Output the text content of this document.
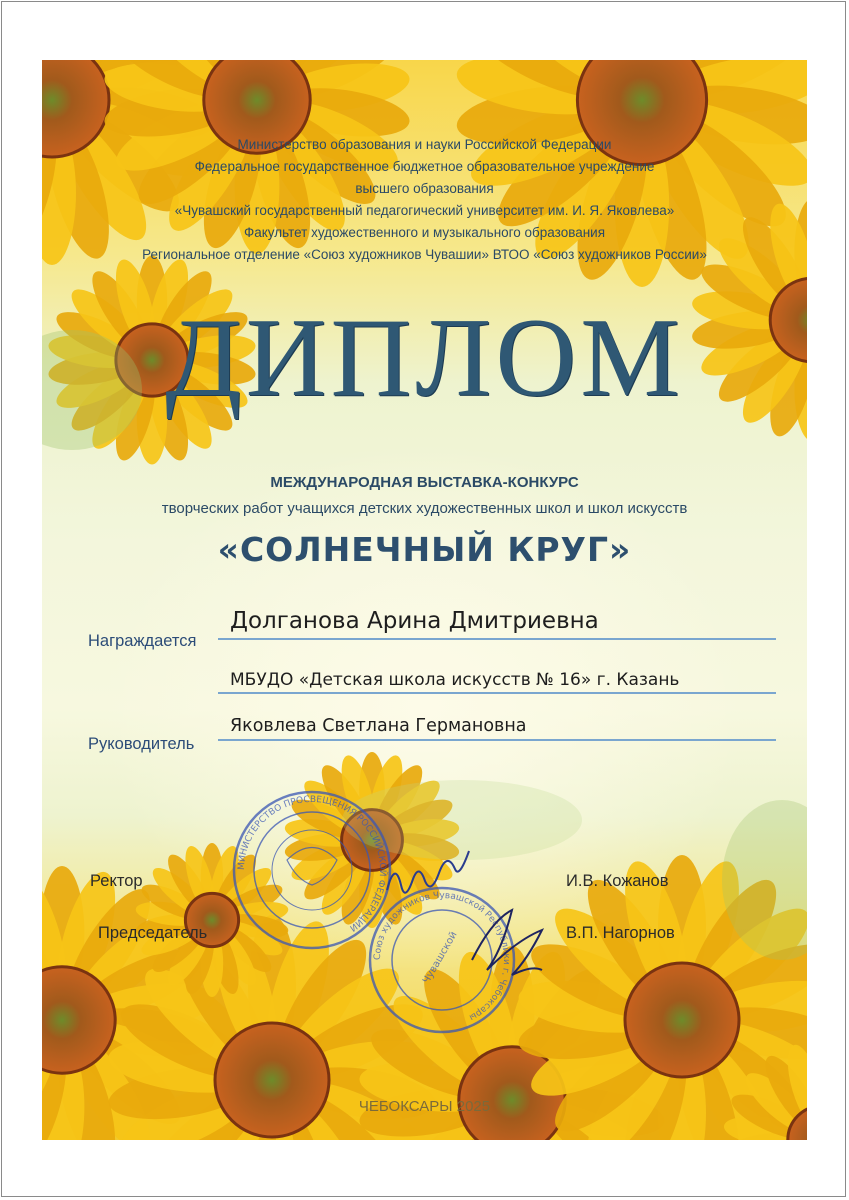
Министерство образования и науки Российской Федерации
Федеральное государственное бюджетное образовательное учреждение
высшего образования
«Чувашский государственный педагогический университет им. И. Я. Яковлева»
Факультет художественного и музыкального образования
Региональное отделение «Союз художников Чувашии» ВТОО «Союз художников России»
ДИПЛОМ
МЕЖДУНАРОДНАЯ ВЫСТАВКА-КОНКУРС
творческих работ учащихся детских художественных школ и школ искусств
«СОЛНЕЧНЫЙ КРУГ»
Награждается
Долганова Арина Дмитриевна
МБУДО «Детская школа искусств № 16» г. Казань
Руководитель
Яковлева Светлана Германовна
Ректор	И.В. Кожанов
Председатель	В.П. Нагорнов
МИНИСТЕРСТВО ПРОСВЕЩЕНИЯ РОССИЙСКОЙ ФЕДЕРАЦИИ
Союз художников Чувашской Республики г. Чебоксары
Чувашской
ЧЕБОКСАРЫ 2025
